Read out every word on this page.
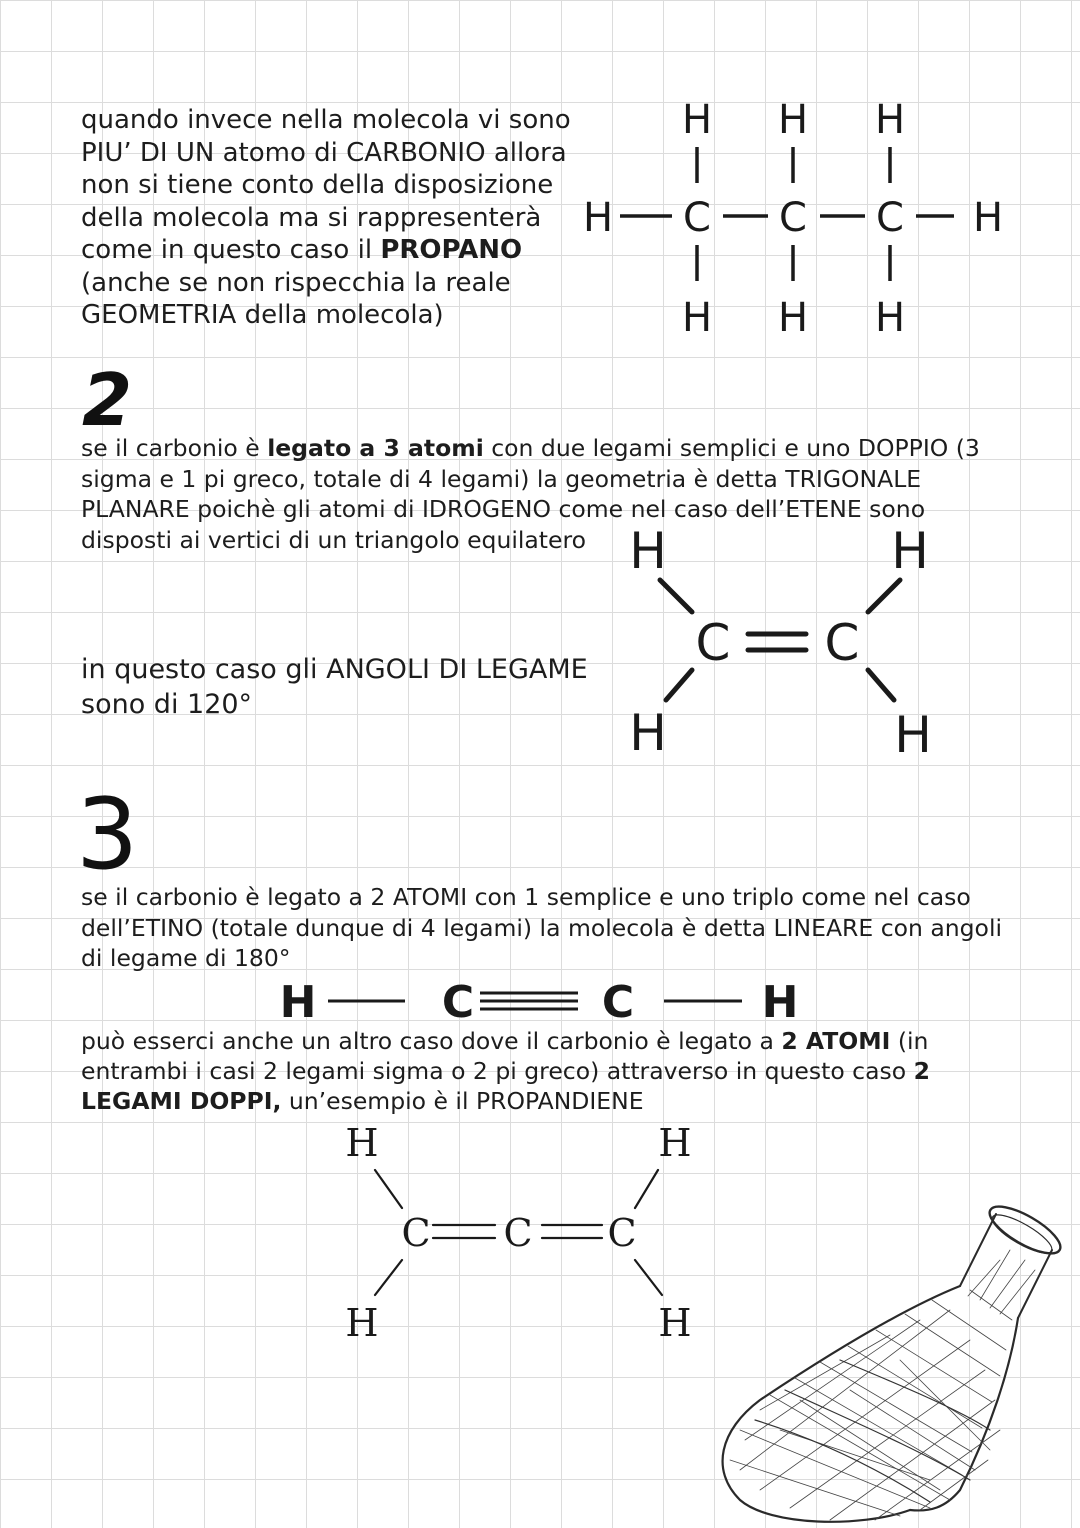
quando invece nella molecola vi sono PIU’ DI UN atomo di CARBONIO allora non si tiene conto della disposizione della molecola ma si rappresenterà come in questo caso il PROPANO (anche se non rispecchia la reale GEOMETRIA della molecola)

H H H
H C C C H
H H H
2

se il carbonio è legato a 3 atomi con due legami semplici e uno DOPPIO (3 sigma e 1 pi greco, totale di 4 legami) la geometria è detta TRIGONALE PLANARE poichè gli atomi di IDROGENO come nel caso dell’ETENE sono disposti ai vertici di un triangolo equilatero H	H
C C
H	H

in questo caso gli ANGOLI DI LEGAME sono di 120°

3

se il carbonio è legato a 2 ATOMI con 1 semplice e uno triplo come nel caso dell’ETINO (totale dunque di 4 legami) la molecola è detta LINEARE con angoli di legame di 180°

H	C	C	H

può esserci anche un altro caso dove il carbonio è legato a 2 ATOMI (in entrambi i casi 2 legami sigma o 2 pi greco) attraverso in questo caso 2 LEGAMI DOPPI, un’esempio è il PROPANDIENE

H	H
C C C
H	H
